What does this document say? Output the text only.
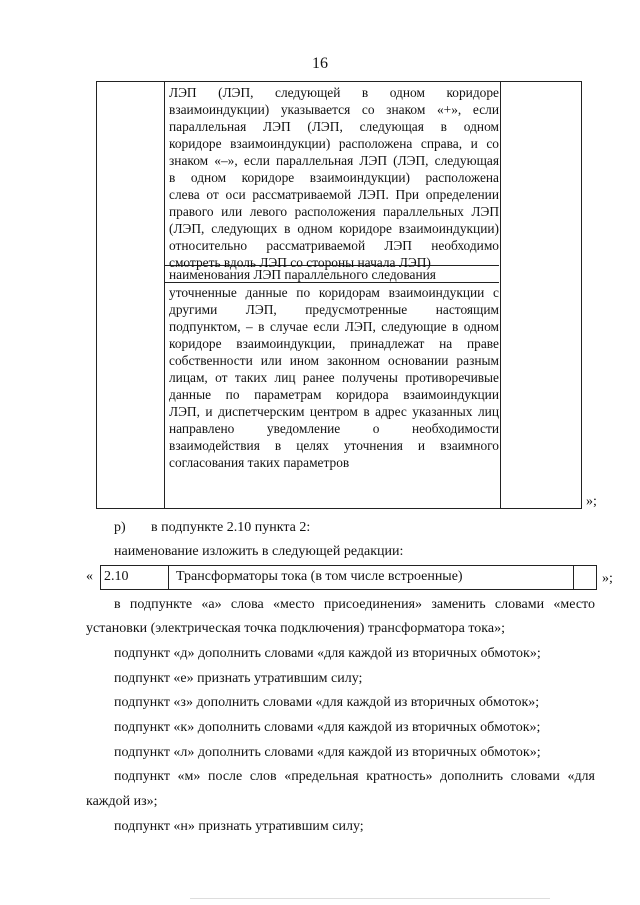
16

ЛЭП (ЛЭП, следующей в одном коридоре

взаимоиндукции) указывается со знаком «+», если

параллельная ЛЭП (ЛЭП, следующая в одном

коридоре взаимоиндукции) расположена справа, и со

знаком «–», если параллельная ЛЭП (ЛЭП, следующая

в одном коридоре взаимоиндукции) расположена

слева от оси рассматриваемой ЛЭП. При определении

правого или левого расположения параллельных ЛЭП

(ЛЭП, следующих в одном коридоре взаимоиндукции)

относительно рассматриваемой ЛЭП необходимо

смотреть вдоль ЛЭП со стороны начала ЛЭП)

наименования ЛЭП параллельного следования

уточненные данные по коридорам взаимоиндукции с

другими ЛЭП, предусмотренные настоящим

подпунктом, – в случае если ЛЭП, следующие в одном

коридоре взаимоиндукции, принадлежат на праве

собственности или ином законном основании разным

лицам, от таких лиц ранее получены противоречивые

данные по параметрам коридора взаимоиндукции

ЛЭП, и диспетчерским центром в адрес указанных лиц

направлено уведомление о необходимости

взаимодействия в целях уточнения и взаимного

согласования таких параметров

»;
р) в подпункте 2.10 пункта 2:
наименование изложить в следующей редакции:
« 2.10	Трансформаторы тока (в том числе встроенные)	»;
в подпункте «а» слова «место присоединения» заменить словами «место
установки (электрическая точка подключения) трансформатора тока»;
подпункт «д» дополнить словами «для каждой из вторичных обмоток»;
подпункт «е» признать утратившим силу;
подпункт «з» дополнить словами «для каждой из вторичных обмоток»;
подпункт «к» дополнить словами «для каждой из вторичных обмоток»;
подпункт «л» дополнить словами «для каждой из вторичных обмоток»;
подпункт «м» после слов «предельная кратность» дополнить словами «для
каждой из»;
подпункт «н» признать утратившим силу;
